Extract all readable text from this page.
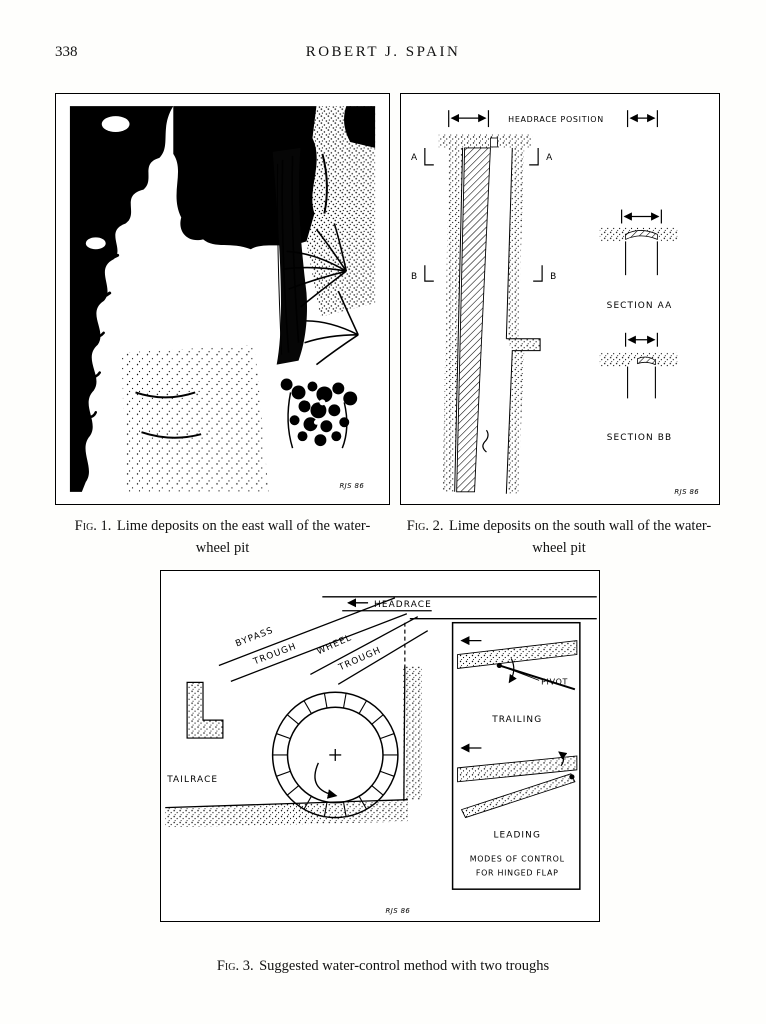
338	ROBERT J. SPAIN
RJS 86
HEADRACE POSITION
A	A
B	B
SECTION AA
SECTION BB
RJS 86
Fig. 1. Lime deposits on the east wall of the water-
wheel pit
Fig. 2. Lime deposits on the south wall of the water-
wheel pit
HEADRACE
BYPASS
TROUGH WHEEL
TROUGH
TAILRACE
PIVOT
TRAILING
LEADING
MODES OF CONTROL
FOR HINGED FLAP
RJS 86
Fig. 3. Suggested water-control method with two troughs
